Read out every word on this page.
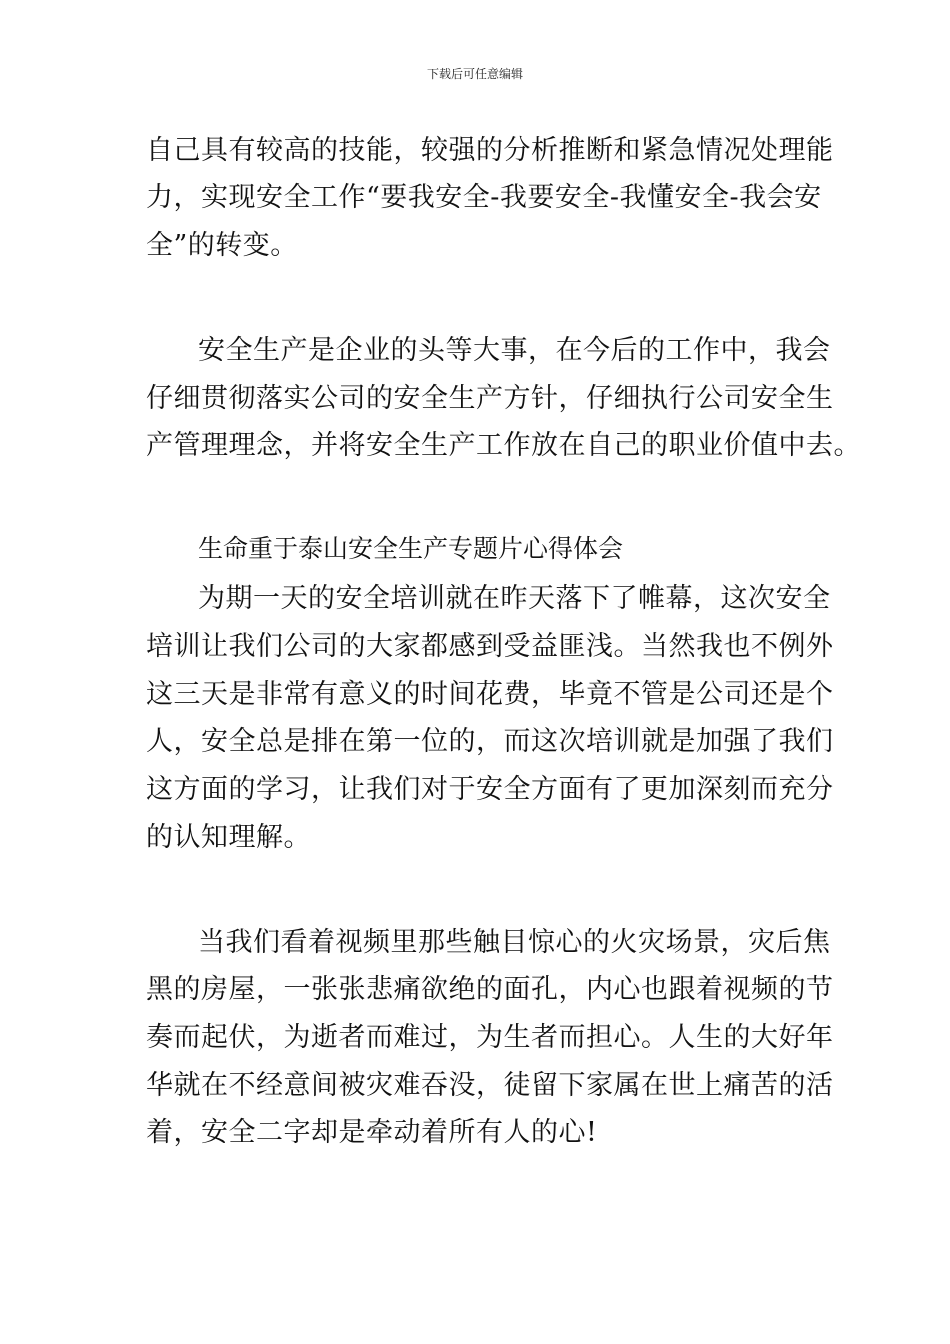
下载后可任意编辑
自己具有较高的技能，较强的分析推断和紧急情况处理能
力，实现安全工作“要我安全-我要安全-我懂安全-我会安
全”的转变。
安全生产是企业的头等大事，在今后的工作中，我会
仔细贯彻落实公司的安全生产方针，仔细执行公司安全生
产管理理念，并将安全生产工作放在自己的职业价值中去。
生命重于泰山安全生产专题片心得体会
为期一天的安全培训就在昨天落下了帷幕，这次安全
培训让我们公司的大家都感到受益匪浅。当然我也不例外
这三天是非常有意义的时间花费，毕竟不管是公司还是个
人，安全总是排在第一位的，而这次培训就是加强了我们
这方面的学习，让我们对于安全方面有了更加深刻而充分
的认知理解。
当我们看着视频里那些触目惊心的火灾场景，灾后焦
黑的房屋，一张张悲痛欲绝的面孔，内心也跟着视频的节
奏而起伏，为逝者而难过，为生者而担心。人生的大好年
华就在不经意间被灾难吞没，徒留下家属在世上痛苦的活
着，安全二字却是牵动着所有人的心!
